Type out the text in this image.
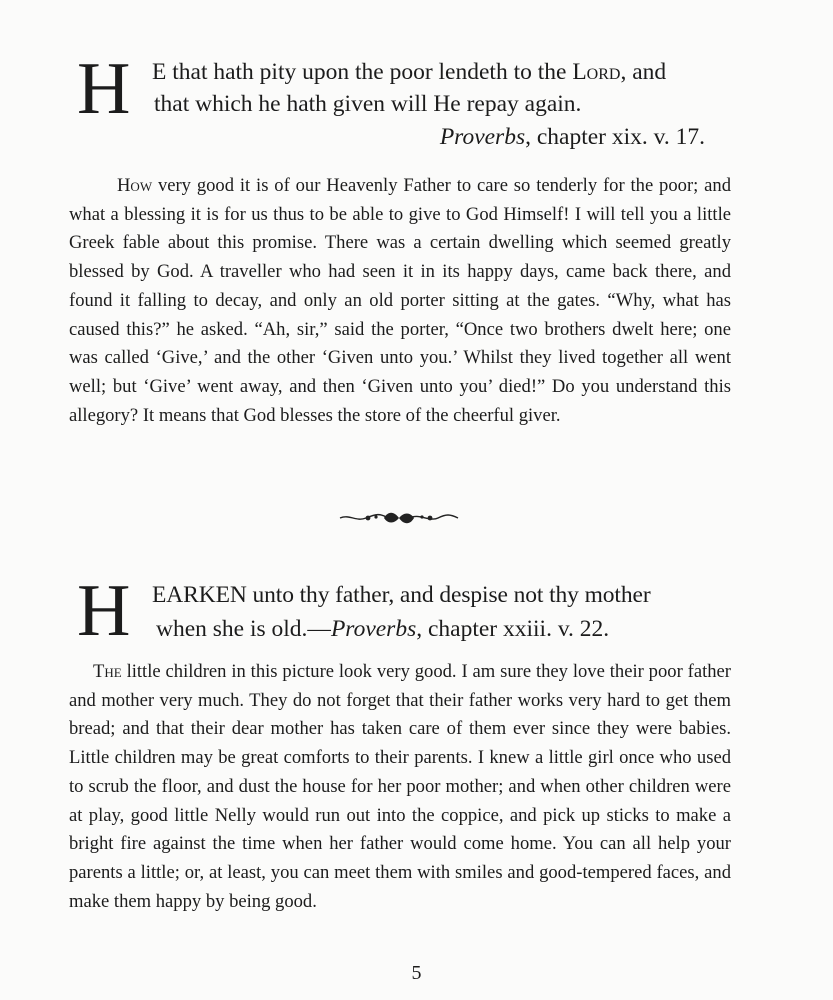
H E that hath pity upon the poor lendeth to the Lord, and
that which he hath given will He repay again.
Proverbs, chapter xix. v. 17.

How very good it is of our Heavenly Father to care so tenderly for the poor; and what a blessing it is for us thus to be able to give to God Himself! I will tell you a little Greek fable about this promise. There was a certain dwelling which seemed greatly blessed by God. A traveller who had seen it in its happy days, came back there, and found it falling to decay, and only an old porter sitting at the gates. “Why, what has caused this?” he asked. “Ah, sir,” said the porter, “Once two brothers dwelt here; one was called ‘Give,’ and the other ‘Given unto you.’ Whilst they lived together all went well; but ‘Give’ went away, and then ‘Given unto you’ died!” Do you understand this allegory? It means that God blesses the store of the cheerful giver.

H EARKEN unto thy father, and despise not thy mother
when she is old.—Proverbs, chapter xxiii. v. 22.

The little children in this picture look very good. I am sure they love their poor father and mother very much. They do not forget that their father works very hard to get them bread; and that their dear mother has taken care of them ever since they were babies. Little children may be great comforts to their parents. I knew a little girl once who used to scrub the floor, and dust the house for her poor mother; and when other children were at play, good little Nelly would run out into the coppice, and pick up sticks to make a bright fire against the time when her father would come home. You can all help your parents a little; or, at least, you can meet them with smiles and good-tempered faces, and make them happy by being good.

5
